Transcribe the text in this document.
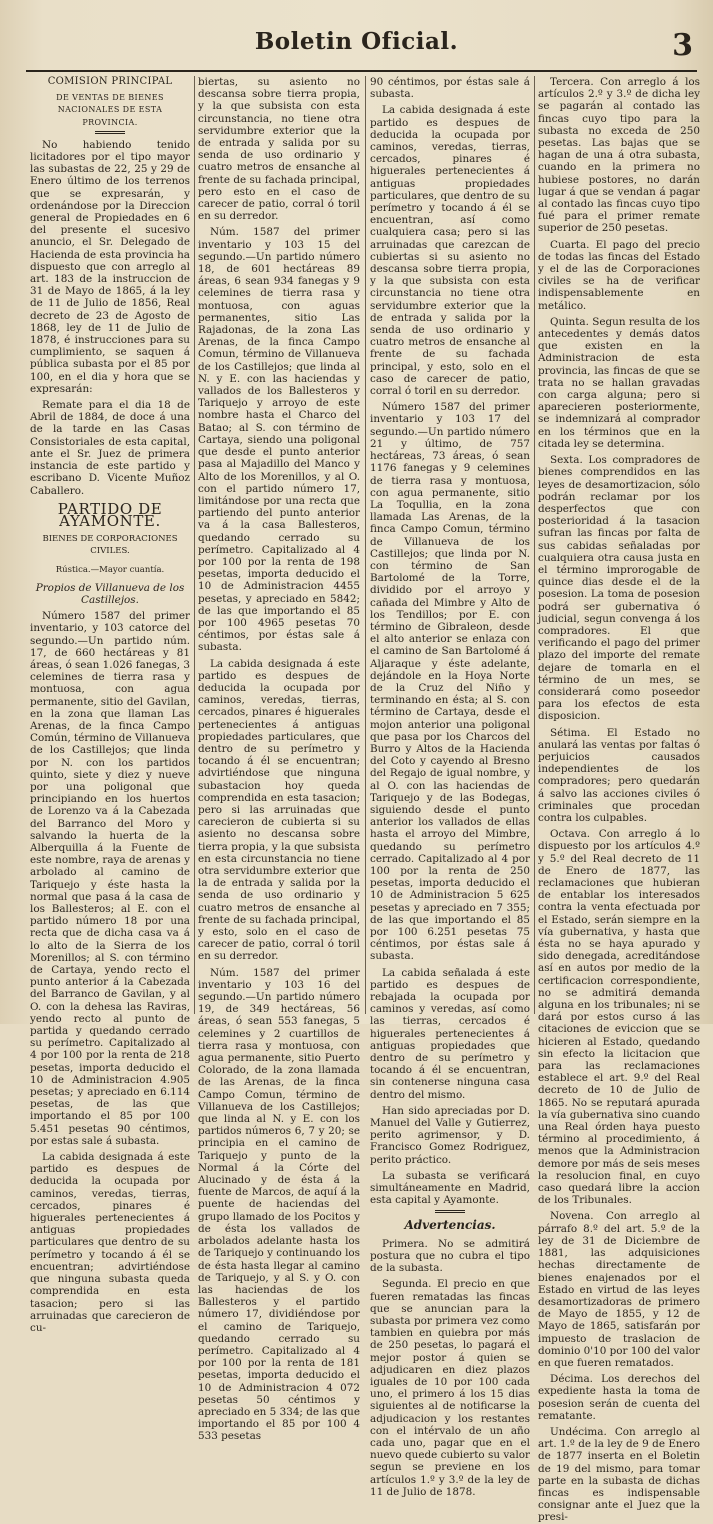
Boletin Oficial.	3

COMISION PRINCIPAL

DE VENTAS DE BIENES NACIONALES DE ESTA PROVINCIA.

No habiendo tenido licitadores por el tipo mayor las subastas de 22, 25 y 29 de Enero último de los terrenos que se expresarán, y ordenándose por la Direccion general de Propiedades en 6 del presente el sucesivo anuncio, el Sr. Delegado de Hacienda de esta provincia ha dispuesto que con arreglo al art. 183 de la instruccion de 31 de Mayo de 1865, á la ley de 11 de Julio de 1856, Real decreto de 23 de Agosto de 1868, ley de 11 de Julio de 1878, é instrucciones para su cumplimiento, se saquen á pública subasta por el 85 por 100, en el dia y hora que se expresarán:

Remate para el dia 18 de Abril de 1884, de doce á una de la tarde en las Casas Consistoriales de esta capital, ante el Sr. Juez de primera instancia de este partido y escribano D. Vicente Muñoz Caballero.

PARTIDO DE AYAMONTE.

BIENES DE CORPORACIONES CIVILES.

Rústica.—Mayor cuantía.

Propios de Villanueva de los Castillejos.

Número 1587 del primer inventario, y 103 catorce del segundo.—Un partido núm. 17, de 660 hectáreas y 81 áreas, ó sean 1.026 fanegas, 3 celemines de tierra rasa y montuosa, con agua permanente, sitio del Gavilan, en la zona que llaman Las Arenas, de la finca Campo Común, término de Villanueva de los Castillejos; que linda por N. con los partidos quinto, siete y diez y nueve por una poligonal que principiando en los huertos de Lorenzo va á la Cabezada del Barranco del Moro y salvando la huerta de la Alberquilla á la Fuente de este nombre, raya de arenas y arbolado al camino de Tariquejo y éste hasta la normal que pasa á la casa de los Ballesteros; al E. con el partido número 18 por una recta que de dicha casa va á lo alto de la Sierra de los Morenillos; al S. con término de Cartaya, yendo recto el punto anterior á la Cabezada del Barranco de Gavilan, y al O. con la dehesa las Raviras, yendo recto al punto de partida y quedando cerrado su perímetro. Capitalizado al 4 por 100 por la renta de 218 pesetas, importa deducido el 10 de Administracion 4.905 pesetas; y apreciado en 6.114 pesetas, de las que importando el 85 por 100 5.451 pesetas 90 céntimos, por estas sale á subasta.

La cabida designada á este partido es despues de deducida la ocupada por caminos, veredas, tierras, cercados, pinares é higuerales pertenecientes á antiguas propiedades particulares que dentro de su perímetro y tocando á él se encuentran; advirtiéndose que ninguna subasta queda comprendida en esta tasacion; pero si las arruinadas que carecieron de cu-

biertas, su asiento no descansa sobre tierra propia, y la que subsista con esta circunstancia, no tiene otra servidumbre exterior que la de entrada y salida por su senda de uso ordinario y cuatro metros de ensanche al frente de su fachada principal, pero esto en el caso de carecer de patio, corral ó toril en su derredor.

Núm. 1587 del primer inventario y 103 15 del segundo.—Un partido número 18, de 601 hectáreas 89 áreas, 6 sean 934 fanegas y 9 celemines de tierra rasa y montuosa, con aguas permanentes, sitio Las Rajadonas, de la zona Las Arenas, de la finca Campo Comun, término de Villanueva de los Castillejos; que linda al N. y E. con las haciendas y vallados de los Ballesteros y Tariquejo y arroyo de este nombre hasta el Charco del Batao; al S. con término de Cartaya, siendo una poligonal que desde el punto anterior pasa al Majadillo del Manco y Alto de los Morenillos, y al O. con el partido número 17, limitándose por una recta que partiendo del punto anterior va á la casa Ballesteros, quedando cerrado su perímetro. Capitalizado al 4 por 100 por la renta de 198 pesetas, importa deducido el 10 de Administracion 4455 pesetas, y apreciado en 5842; de las que importando el 85 por 100 4965 pesetas 70 céntimos, por éstas sale á subasta.

La cabida designada á este partido es despues de deducida la ocupada por caminos, veredas, tierras, cercados, pinares é higuerales pertenecientes á antiguas propiedades particulares, que dentro de su perímetro y tocando á él se encuentran; advirtiéndose que ninguna subastacion hoy queda comprendida en esta tasacion; pero si las arruinadas que carecieron de cubierta si su asiento no descansa sobre tierra propia, y la que subsista en esta circunstancia no tiene otra servidumbre exterior que la de entrada y salida por la senda de uso ordinario y cuatro metros de ensanche al frente de su fachada principal, y esto, solo en el caso de carecer de patio, corral ó toril en su derredor.

Núm. 1587 del primer inventario y 103 16 del segundo.—Un partido número 19, de 349 hectáreas, 56 áreas, ó sean 553 fanegas, 5 celemines y 2 cuartillos de tierra rasa y montuosa, con agua permanente, sitio Puerto Colorado, de la zona llamada de las Arenas, de la finca Campo Comun, término de Villanueva de los Castillejos; que linda al N. y E. con los partidos números 6, 7 y 20; se principia en el camino de Tariquejo y punto de la Normal á la Córte del Alucinado y de ésta á la fuente de Marcos, de aquí á la puente de haciendas del grupo llamado de los Pocitos y de ésta los vallados de arbolados adelante hasta los de Tariquejo y continuando los de ésta hasta llegar al camino de Tariquejo, y al S. y O. con las haciendas de los Ballesteros y el partido número 17, dividiéndose por el camino de Tariquejo, quedando cerrado su perímetro. Capitalizado al 4 por 100 por la renta de 181 pesetas, importa deducido el 10 de Administracion 4 072 pesetas 50 céntimos y apreciado en 5 334; de las que importando el 85 por 100 4 533 pesetas

90 céntimos, por éstas sale á subasta.

La cabida designada á este partido es despues de deducida la ocupada por caminos, veredas, tierras, cercados, pinares é higuerales pertenecientes á antiguas propiedades particulares, que dentro de su perímetro y tocando á él se encuentran, así como cualquiera casa; pero si las arruinadas que carezcan de cubiertas si su asiento no descansa sobre tierra propia, y la que subsista con esta circunstancia no tiene otra servidumbre exterior que la de entrada y salida por la senda de uso ordinario y cuatro metros de ensanche al frente de su fachada principal, y esto, solo en el caso de carecer de patio, corral ó toril en su derredor.

Número 1587 del primer inventario y 103 17 del segundo.—Un partido número 21 y último, de 757 hectáreas, 73 áreas, ó sean 1176 fanegas y 9 celemines de tierra rasa y montuosa, con agua permanente, sitio La Toqullia, en la zona llamada Las Arenas, de la finca Campo Comun, término de Villanueva de los Castillejos; que linda por N. con término de San Bartolomé de la Torre, dividido por el arroyo y cañada del Mimbre y Alto de los Tendillos; por E. con término de Gibraleon, desde el alto anterior se enlaza con el camino de San Bartolomé á Aljaraque y éste adelante, dejándole en la Hoya Norte de la Cruz del Niño y terminando en ésta; al S. con término de Cartaya, desde el mojon anterior una poligonal que pasa por los Charcos del Burro y Altos de la Hacienda del Coto y cayendo al Bresno del Regajo de igual nombre, y al O. con las haciendas de Tariquejo y de las Bodegas, siguiendo desde el punto anterior los vallados de ellas hasta el arroyo del Mimbre, quedando su perímetro cerrado. Capitalizado al 4 por 100 por la renta de 250 pesetas, importa deducido el 10 de Administracion 5 625 pesetas y apreciado en 7 355; de las que importando el 85 por 100 6.251 pesetas 75 céntimos, por éstas sale á subasta.

La cabida señalada á este partido es despues de rebajada la ocupada por caminos y veredas, así como las tierras, cercados é higuerales pertenecientes á antiguas propiedades que dentro de su perímetro y tocando á él se encuentran, sin contenerse ninguna casa dentro del mismo.

Han sido apreciadas por D. Manuel del Valle y Gutierrez, perito agrimensor, y D. Francisco Gomez Rodriguez, perito práctico.

La subasta se verificará simultáneamente en Madrid, esta capital y Ayamonte.

Advertencias.

Primera. No se admitirá postura que no cubra el tipo de la subasta.

Segunda. El precio en que fueren rematadas las fincas que se anuncian para la subasta por primera vez como tambien en quiebra por más de 250 pesetas, lo pagará el mejor postor á quien se adjudicaren en diez plazos iguales de 10 por 100 cada uno, el primero á los 15 dias siguientes al de notificarse la adjudicacion y los restantes con el intérvalo de un año cada uno, pagar que en el nuevo quede cubierto su valor segun se previene en los artículos 1.º y 3.º de la ley de 11 de Julio de 1878.

Tercera. Con arreglo á los artículos 2.º y 3.º de dicha ley se pagarán al contado las fincas cuyo tipo para la subasta no exceda de 250 pesetas. Las bajas que se hagan de una á otra subasta, cuando en la primera no hubiese postores, no darán lugar á que se vendan á pagar al contado las fincas cuyo tipo fué para el primer remate superior de 250 pesetas.

Cuarta. El pago del precio de todas las fincas del Estado y el de las de Corporaciones civiles se ha de verificar indispensablemente en metálico.

Quinta. Segun resulta de los antecedentes y demás datos que existen en la Administracion de esta provincia, las fincas de que se trata no se hallan gravadas con carga alguna; pero si aparecieren posteriormente, se indemnizará al comprador en los términos que en la citada ley se determina.

Sexta. Los compradores de bienes comprendidos en las leyes de desamortizacion, sólo podrán reclamar por los desperfectos que con posterioridad á la tasacion sufran las fincas por falta de sus cabidas señaladas por cualquiera otra causa justa en el término improrogable de quince dias desde el de la posesion. La toma de posesion podrá ser gubernativa ó judicial, segun convenga á los compradores. El que verificando el pago del primer plazo del importe del remate dejare de tomarla en el término de un mes, se considerará como poseedor para los efectos de esta disposicion.

Sétima. El Estado no anulará las ventas por faltas ó perjuicios causados independientes de los compradores; pero quedarán á salvo las acciones civiles ó criminales que procedan contra los culpables.

Octava. Con arreglo á lo dispuesto por los artículos 4.º y 5.º del Real decreto de 11 de Enero de 1877, las reclamaciones que hubieran de entablar los interesados contra la venta efectuada por el Estado, serán siempre en la vía gubernativa, y hasta que ésta no se haya apurado y sido denegada, acreditándose así en autos por medio de la certificacion correspondiente, no se admitirá demanda alguna en los tribunales; ni se dará por estos curso á las citaciones de eviccion que se hicieren al Estado, quedando sin efecto la licitacion que para las reclamaciones establece el art. 9.º del Real decreto de 10 de Julio de 1865. No se reputará apurada la vía gubernativa sino cuando una Real órden haya puesto término al procedimiento, á menos que la Administracion demore por más de seis meses la resolucion final, en cuyo caso quedará libre la accion de los Tribunales.

Novena. Con arreglo al párrafo 8.º del art. 5.º de la ley de 31 de Diciembre de 1881, las adquisiciones hechas directamente de bienes enajenados por el Estado en virtud de las leyes desamortizadoras de primero de Mayo de 1855, y 12 de Mayo de 1865, satisfarán por impuesto de traslacion de dominio 0'10 por 100 del valor en que fueren rematados.

Décima. Los derechos del expediente hasta la toma de posesion serán de cuenta del rematante.

Undécima. Con arreglo al art. 1.º de la ley de 9 de Enero de 1877 inserta en el Boletin de 19 del mismo, para tomar parte en la subasta de dichas fincas es indispensable consignar ante el Juez que la presi-
